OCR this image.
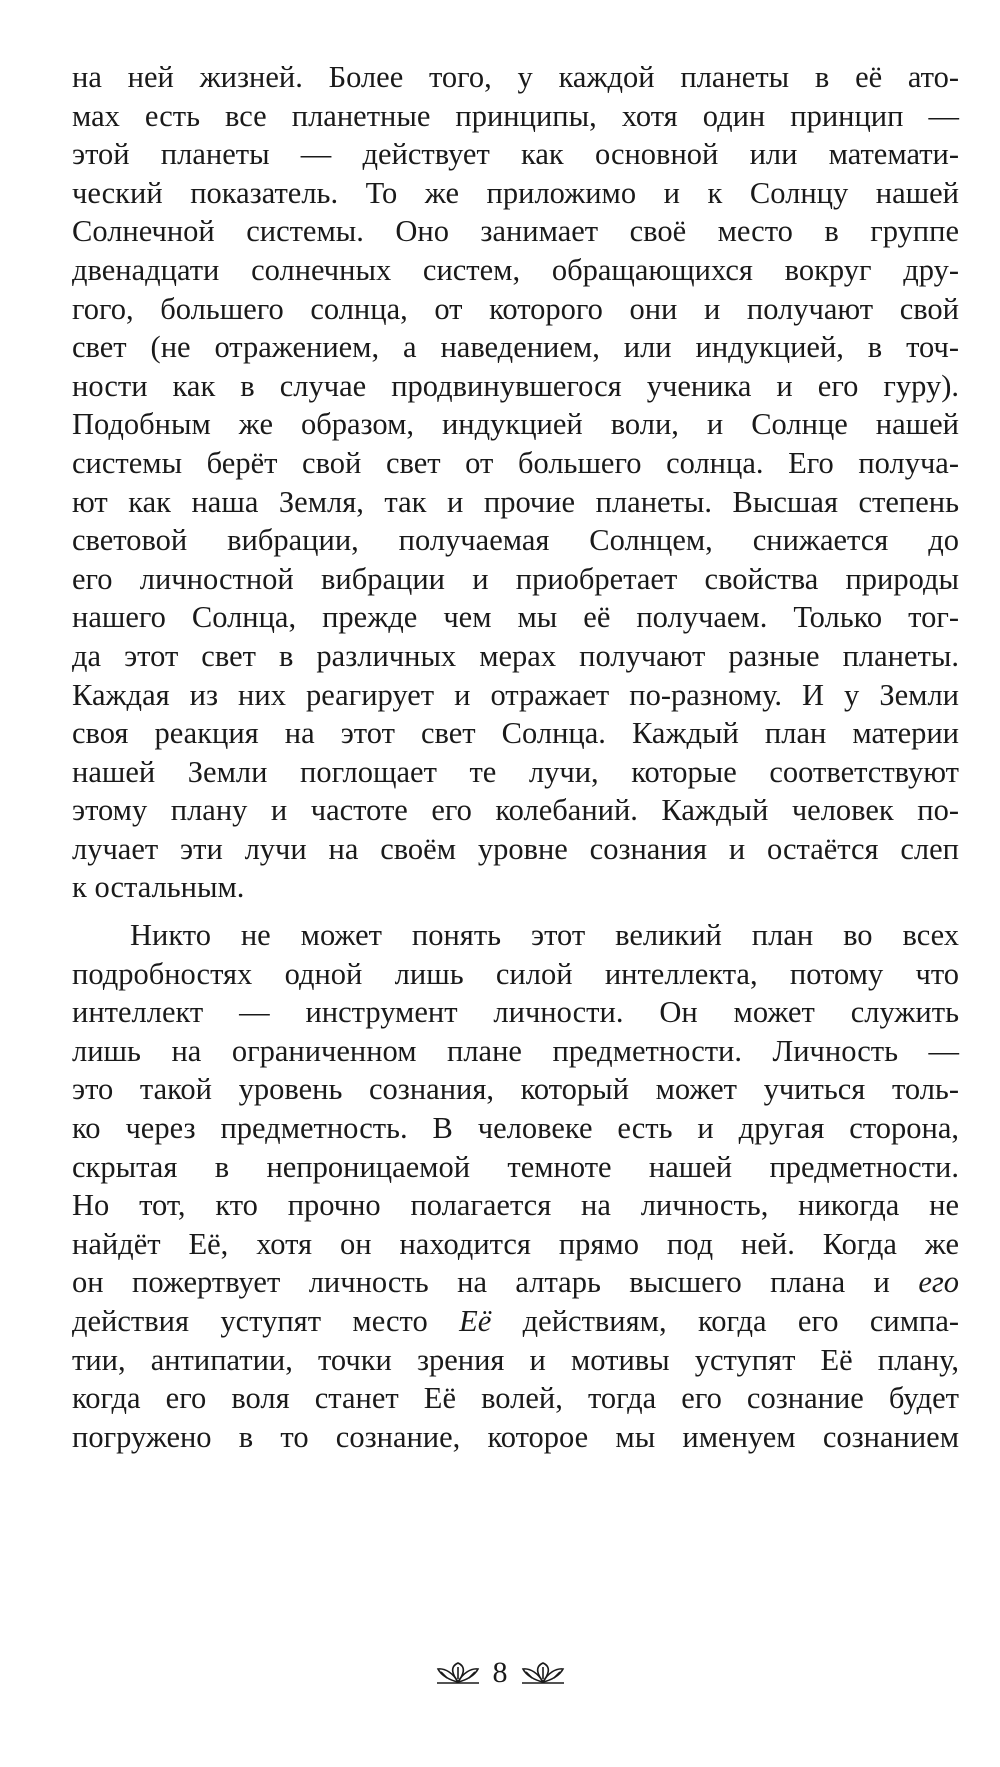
на ней жизней. Более того, у каждой планеты в её ато-
мах есть все планетные принципы, хотя один принцип —
этой планеты — действует как основной или математи-
ческий показатель. То же приложимо и к Солнцу нашей
Солнечной системы. Оно занимает своё место в группе
двенадцати солнечных систем, обращающихся вокруг дру-
гого, большего солнца, от которого они и получают свой
свет (не отражением, а наведением, или индукцией, в точ-
ности как в случае продвинувшегося ученика и его гуру).
Подобным же образом, индукцией воли, и Солнце нашей
системы берёт свой свет от большего солнца. Его получа-
ют как наша Земля, так и прочие планеты. Высшая степень
световой вибрации, получаемая Солнцем, снижается до
его личностной вибрации и приобретает свойства природы
нашего Солнца, прежде чем мы её получаем. Только тог-
да этот свет в различных мерах получают разные планеты.
Каждая из них реагирует и отражает по-разному. И у Земли
своя реакция на этот свет Солнца. Каждый план материи
нашей Земли поглощает те лучи, которые соответствуют
этому плану и частоте его колебаний. Каждый человек по-
лучает эти лучи на своём уровне сознания и остаётся слеп
к остальным.
Никто не может понять этот великий план во всех
подробностях одной лишь силой интеллекта, потому что
интеллект — инструмент личности. Он может служить
лишь на ограниченном плане предметности. Личность —
это такой уровень сознания, который может учиться толь-
ко через предметность. В человеке есть и другая сторона,
скрытая в непроницаемой темноте нашей предметности.
Но тот, кто прочно полагается на личность, никогда не
найдёт Её, хотя он находится прямо под ней. Когда же
он пожертвует личность на алтарь высшего плана и его
действия уступят место Её действиям, когда его симпа-
тии, антипатии, точки зрения и мотивы уступят Её плану,
когда его воля станет Её волей, тогда его сознание будет
погружено в то сознание, которое мы именуем сознанием
8
